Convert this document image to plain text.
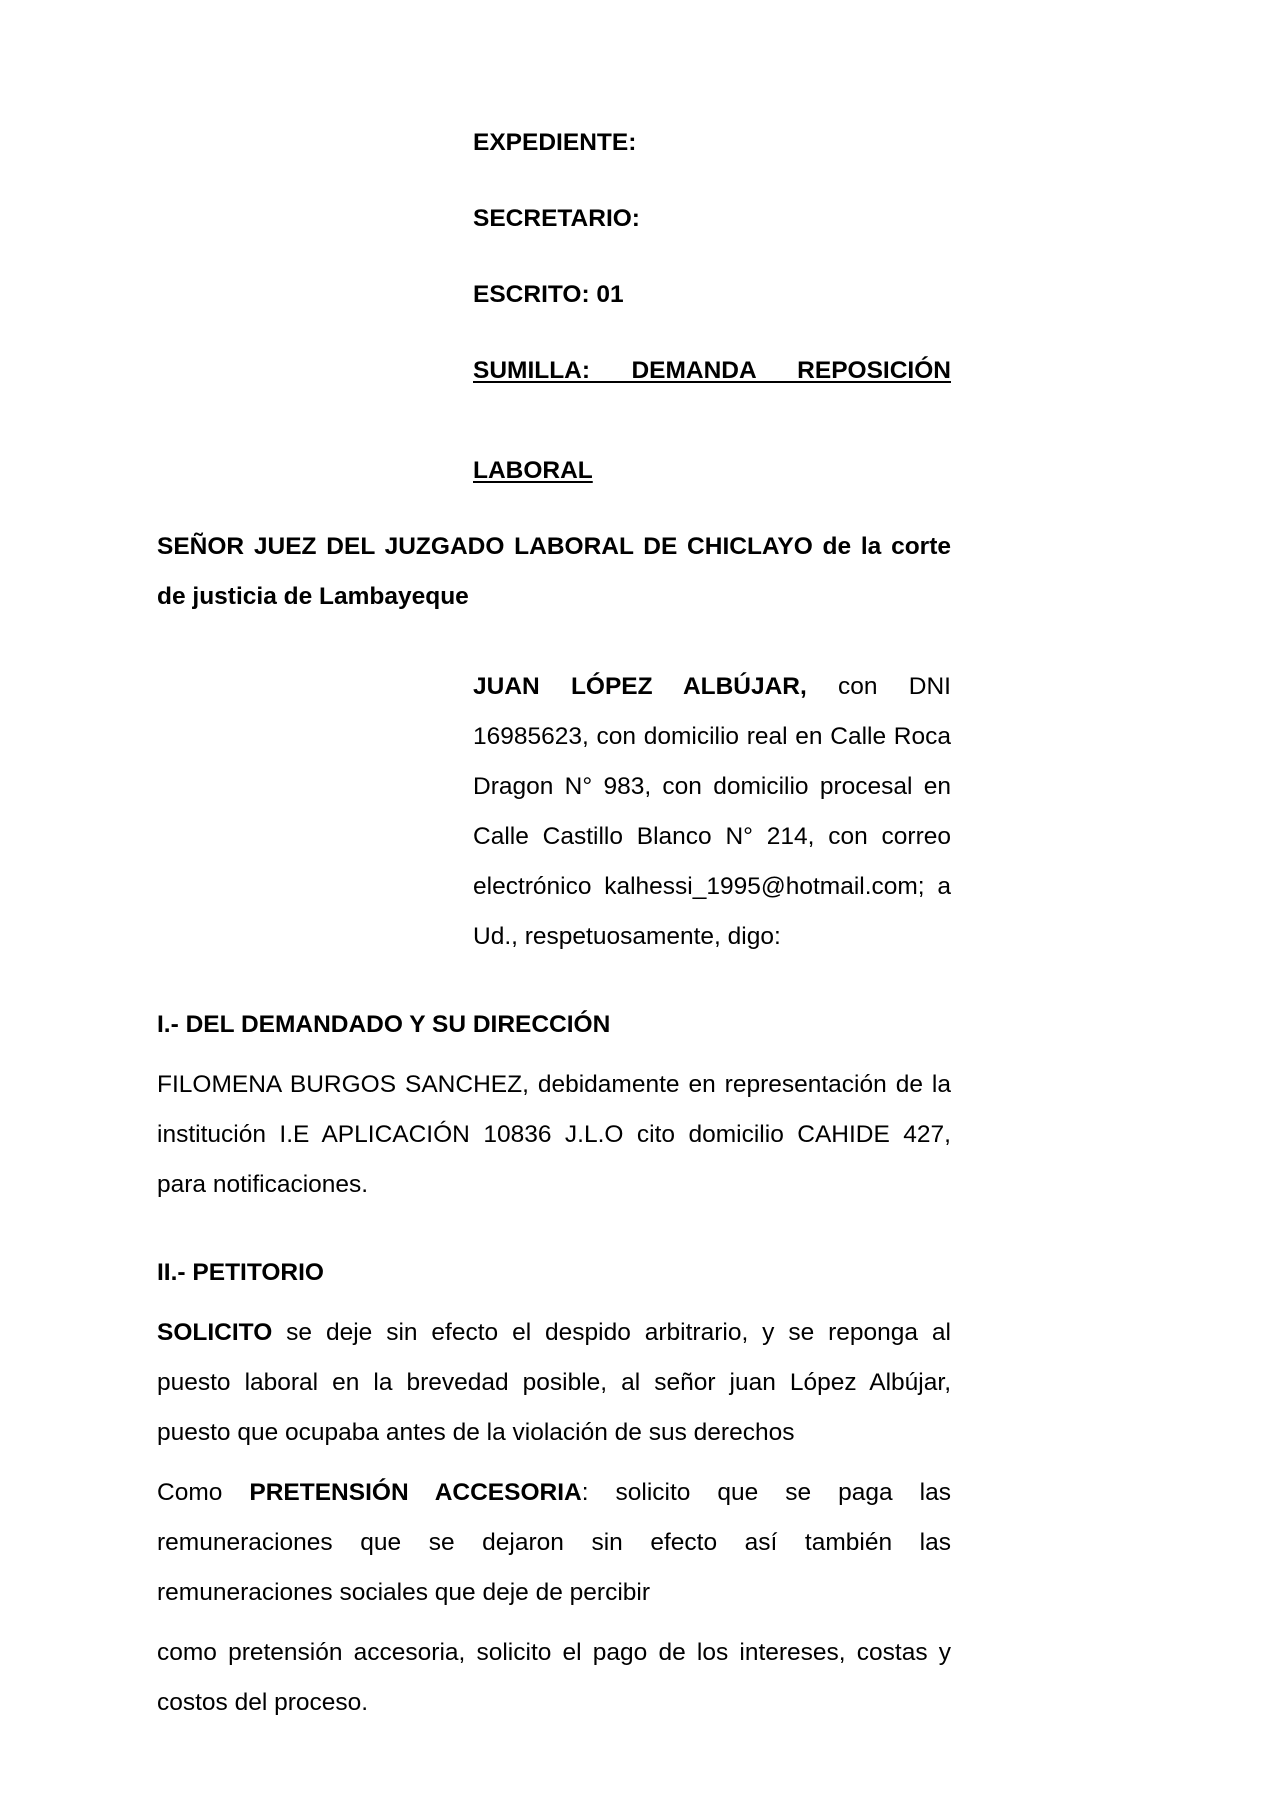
EXPEDIENTE:

SECRETARIO:

ESCRITO: 01

SUMILLA: DEMANDA REPOSICIÓN
LABORAL

SEÑOR JUEZ DEL JUZGADO LABORAL DE CHICLAYO de la corte de justicia de Lambayeque

JUAN LÓPEZ ALBÚJAR, con DNI 16985623, con domicilio real en Calle Roca Dragon N° 983, con domicilio procesal en Calle Castillo Blanco N° 214, con correo electrónico kalhessi_1995@hotmail.com; a Ud., respetuosamente, digo:

I.- DEL DEMANDADO Y SU DIRECCIÓN

FILOMENA BURGOS SANCHEZ, debidamente en representación de la institución I.E APLICACIÓN 10836 J.L.O cito domicilio CAHIDE 427, para notificaciones.

II.- PETITORIO

SOLICITO se deje sin efecto el despido arbitrario, y se reponga al puesto laboral en la brevedad posible, al señor juan López Albújar, puesto que ocupaba antes de la violación de sus derechos

Como PRETENSIÓN ACCESORIA: solicito que se paga las remuneraciones que se dejaron sin efecto así también las remuneraciones sociales que deje de percibir

como pretensión accesoria, solicito el pago de los intereses, costas y costos del proceso.
